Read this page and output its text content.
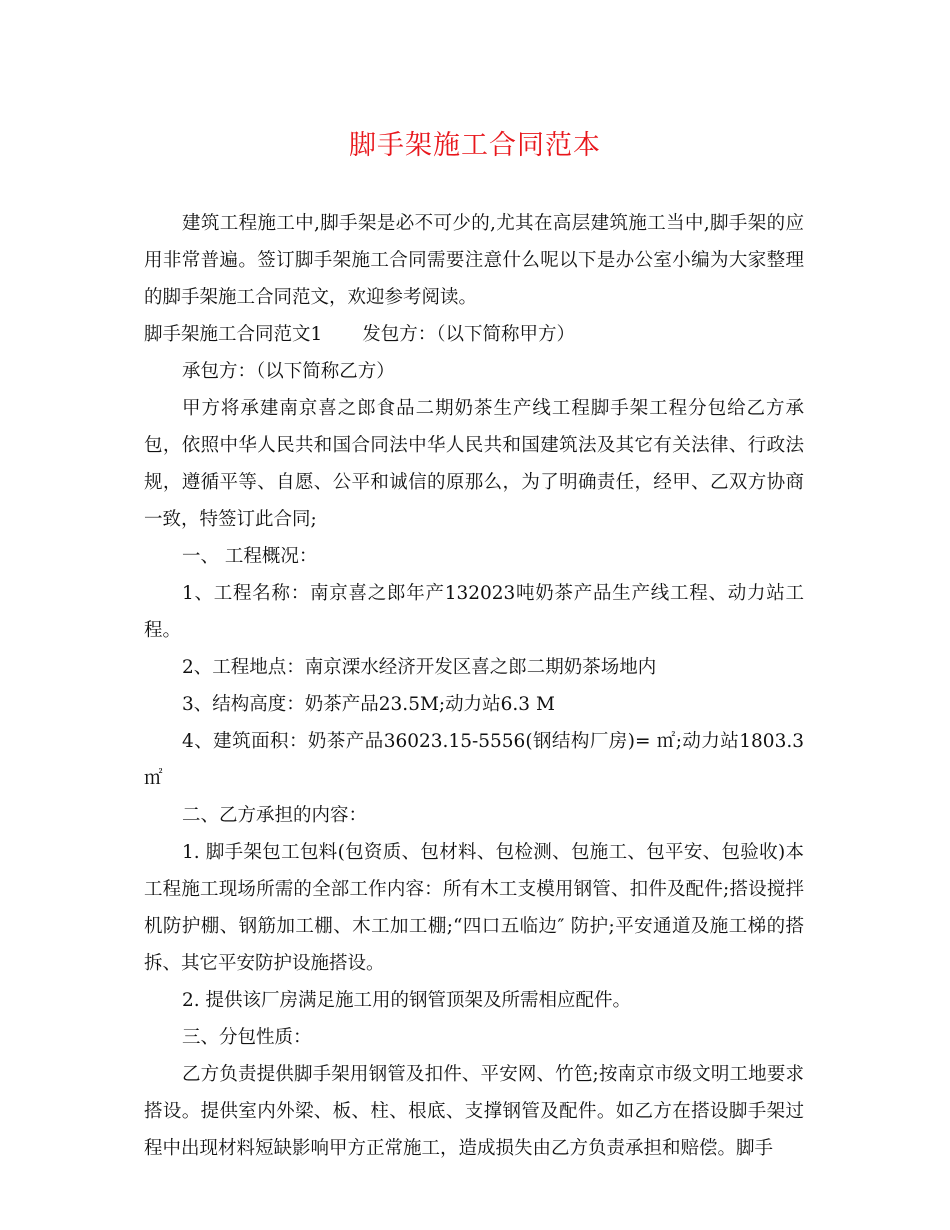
脚手架施工合同范本

建筑工程施工中,脚手架是必不可少的,尤其在高层建筑施工当中,脚手架的应用非常普遍。签订脚手架施工合同需要注意什么呢以下是办公室小编为大家整理的脚手架施工合同范文，欢迎参考阅读。

脚手架施工合同范文1 发包方：（以下简称甲方）

承包方：（以下简称乙方）

甲方将承建南京喜之郎食品二期奶茶生产线工程脚手架工程分包给乙方承包，依照中华人民共和国合同法中华人民共和国建筑法及其它有关法律、行政法规，遵循平等、自愿、公平和诚信的原那么，为了明确责任，经甲、乙双方协商一致，特签订此合同;

一、 工程概况：

1、工程名称：南京喜之郎年产132023吨奶茶产品生产线工程、动力站工程。

2、工程地点：南京溧水经济开发区喜之郎二期奶茶场地内

3、结构高度：奶茶产品23.5M;动力站6.3 M

4、建筑面积：奶茶产品36023.15-5556(钢结构厂房)= ㎡;动力站1803.3㎡

二、乙方承担的内容：

1. 脚手架包工包料(包资质、包材料、包检测、包施工、包平安、包验收)本工程施工现场所需的全部工作内容：所有木工支模用钢管、扣件及配件;搭设搅拌机防护棚、钢筋加工棚、木工加工棚;“四口五临边″ 防护;平安通道及施工梯的搭拆、其它平安防护设施搭设。

2. 提供该厂房满足施工用的钢管顶架及所需相应配件。

三、分包性质：

乙方负责提供脚手架用钢管及扣件、平安网、竹笆;按南京市级文明工地要求搭设。提供室内外梁、板、柱、根底、支撑钢管及配件。如乙方在搭设脚手架过程中出现材料短缺影响甲方正常施工，造成损失由乙方负责承担和赔偿。脚手
